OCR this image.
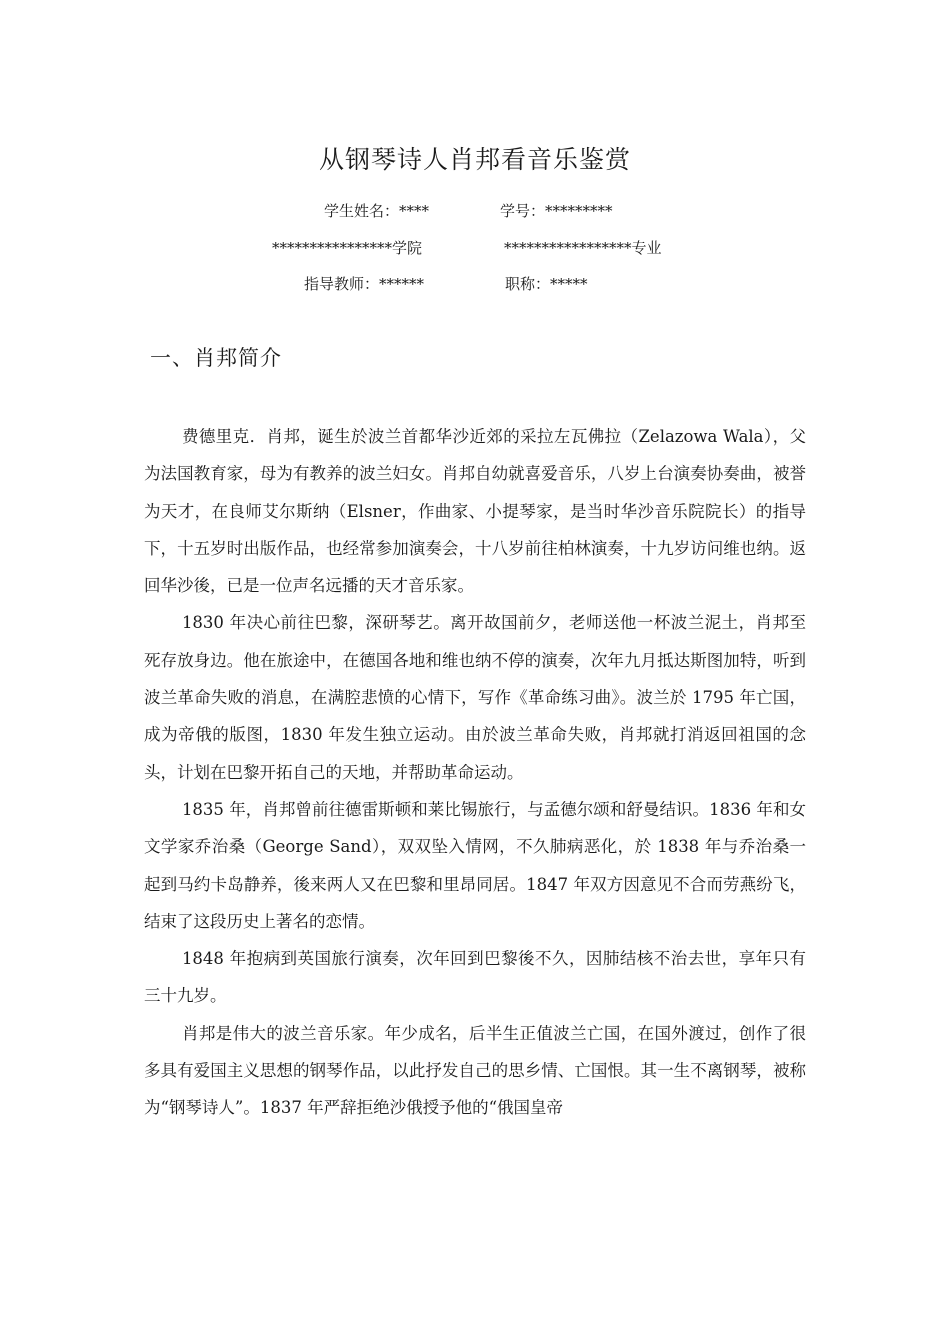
从钢琴诗人肖邦看音乐鉴赏
学生姓名：****	学号：*********
****************学院	*****************专业
指导教师：******	职称：*****
一、肖邦简介

费德里克．肖邦，诞生於波兰首都华沙近郊的采拉左瓦佛拉（Zelazowa Wala），父为法国教育家，母为有教养的波兰妇女。肖邦自幼就喜爱音乐，八岁上台演奏协奏曲，被誉为天才，在良师艾尔斯纳（Elsner，作曲家、小提琴家，是当时华沙音乐院院长）的指导下，十五岁时出版作品，也经常参加演奏会，十八岁前往柏林演奏，十九岁访问维也纳。返回华沙後，已是一位声名远播的天才音乐家。

1830 年决心前往巴黎，深研琴艺。离开故国前夕，老师送他一杯波兰泥土，肖邦至死存放身边。他在旅途中，在德国各地和维也纳不停的演奏，次年九月抵达斯图加特，听到波兰革命失败的消息，在满腔悲愤的心情下，写作《革命练习曲》。波兰於 1795 年亡国，成为帝俄的版图，1830 年发生独立运动。由於波兰革命失败，肖邦就打消返回祖国的念头，计划在巴黎开拓自己的天地，并帮助革命运动。

1835 年，肖邦曾前往德雷斯顿和莱比锡旅行，与孟德尔颂和舒曼结识。1836 年和女文学家乔治桑（George Sand），双双坠入情网，不久肺病恶化，於 1838 年与乔治桑一起到马约卡岛静养，後来两人又在巴黎和里昂同居。1847 年双方因意见不合而劳燕纷飞，结束了这段历史上著名的恋情。

1848 年抱病到英国旅行演奏，次年回到巴黎後不久，因肺结核不治去世，享年只有三十九岁。

肖邦是伟大的波兰音乐家。年少成名，后半生正值波兰亡国，在国外渡过，创作了很多具有爱国主义思想的钢琴作品，以此抒发自己的思乡情、亡国恨。其一生不离钢琴，被称为“钢琴诗人”。1837 年严辞拒绝沙俄授予他的“俄国皇帝
